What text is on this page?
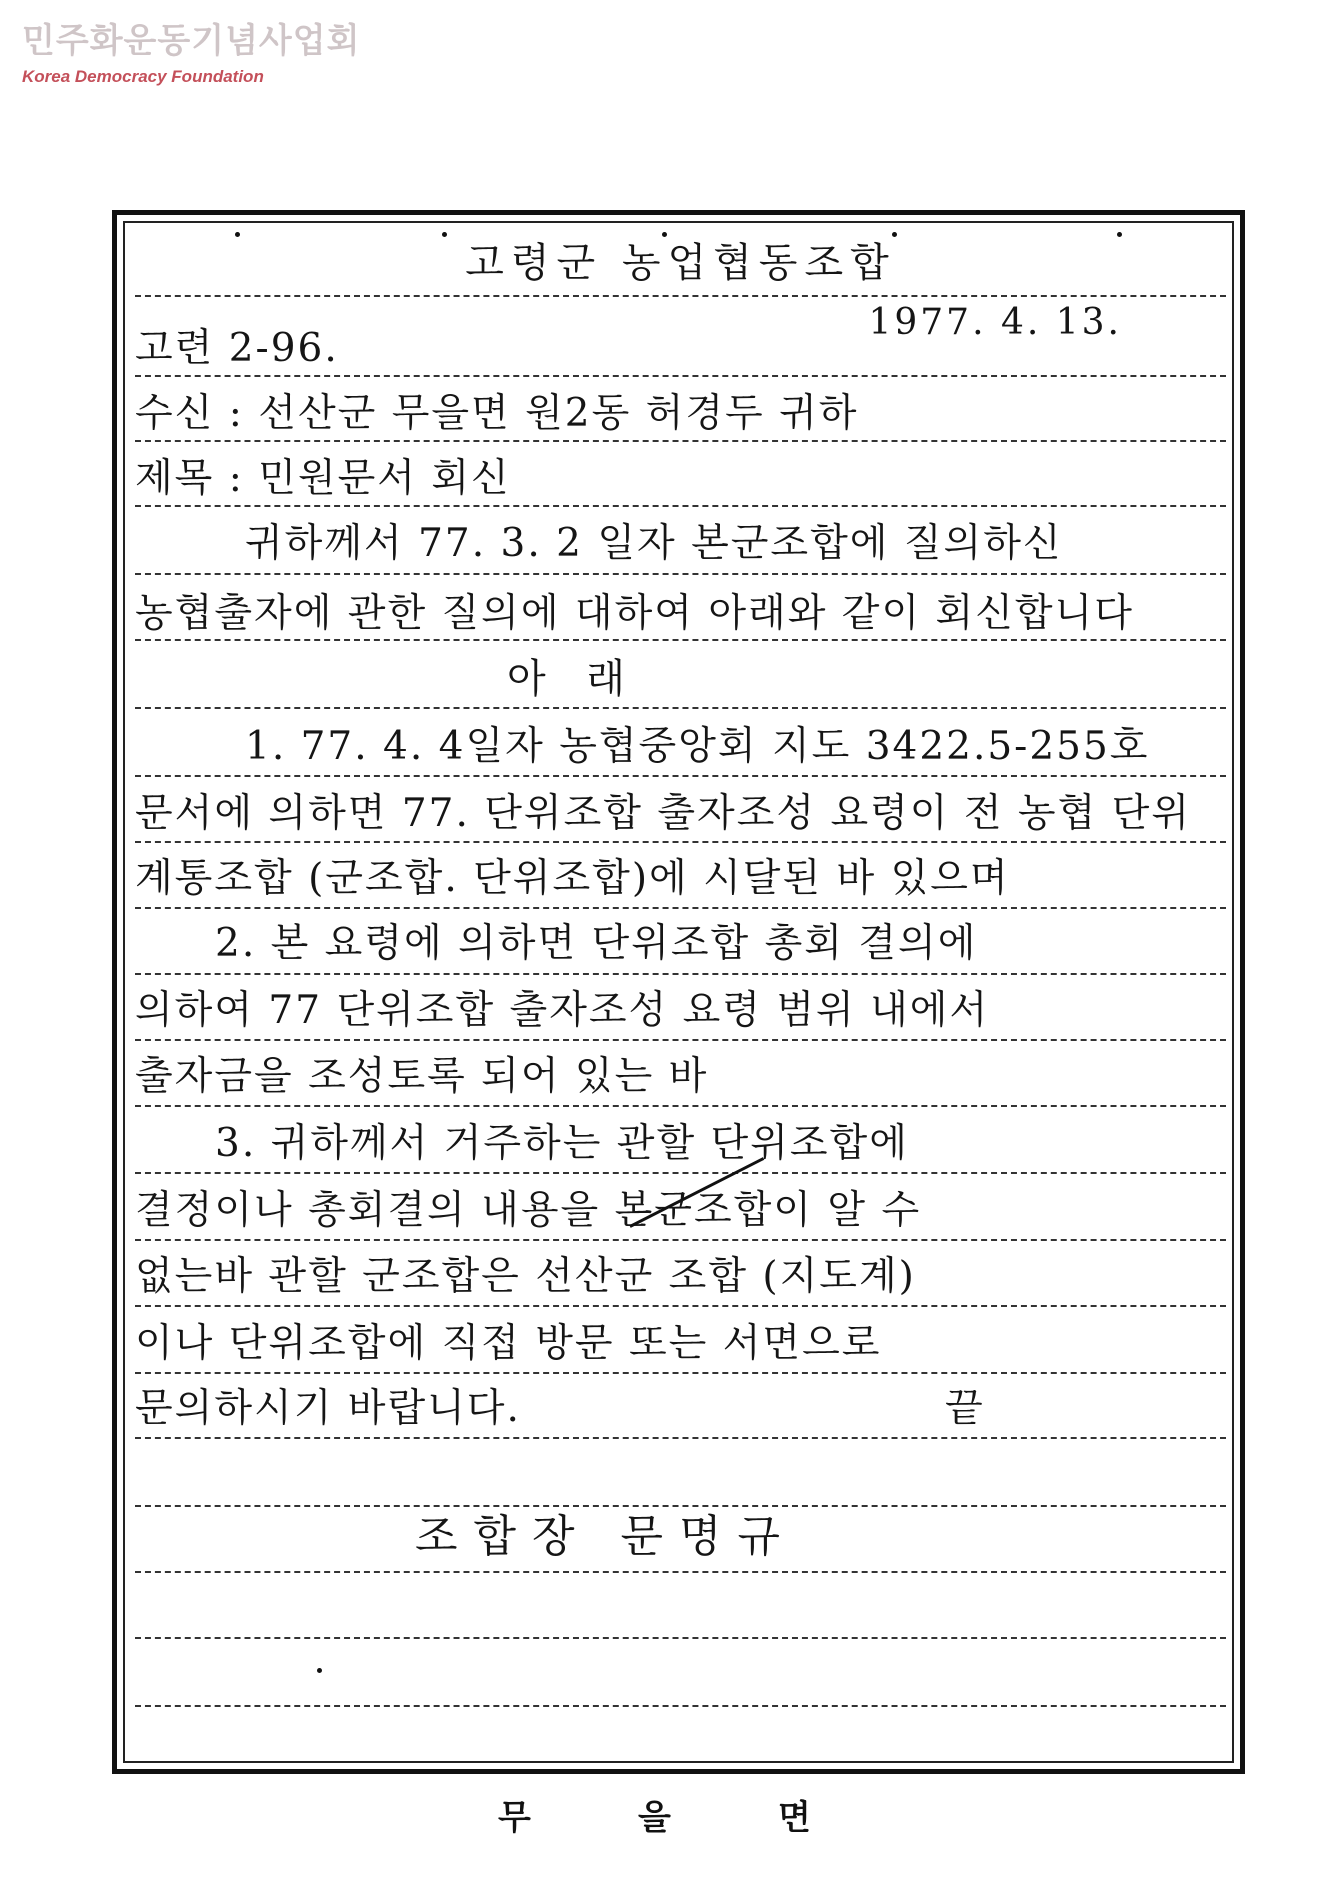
민주화운동기념사업회
Korea Democracy Foundation
고령군 농업협동조합
1977. 4. 13.
고련 2-96.
수신 : 선산군 무을면 원2동 허경두 귀하
제목 : 민원문서 회신
귀하께서 77. 3. 2 일자 본군조합에 질의하신
농협출자에 관한 질의에 대하여 아래와 같이 회신합니다
아 래
1. 77. 4. 4일자 농협중앙회 지도 3422.5-255호
문서에 의하면 77. 단위조합 출자조성 요령이 전 농협 단위
계통조합 (군조합. 단위조합)에 시달된 바 있으며
2. 본 요령에 의하면 단위조합 총회 결의에
의하여 77 단위조합 출자조성 요령 범위 내에서
출자금을 조성토록 되어 있는 바
3. 귀하께서 거주하는 관할 단위조합에
결정이나 총회결의 내용을 본군조합이 알 수
없는바 관할 군조합은 선산군 조합 (지도계)
이나 단위조합에 직접 방문 또는 서면으로
문의하시기 바랍니다.	끝
조합장 문명규
무	을	면
